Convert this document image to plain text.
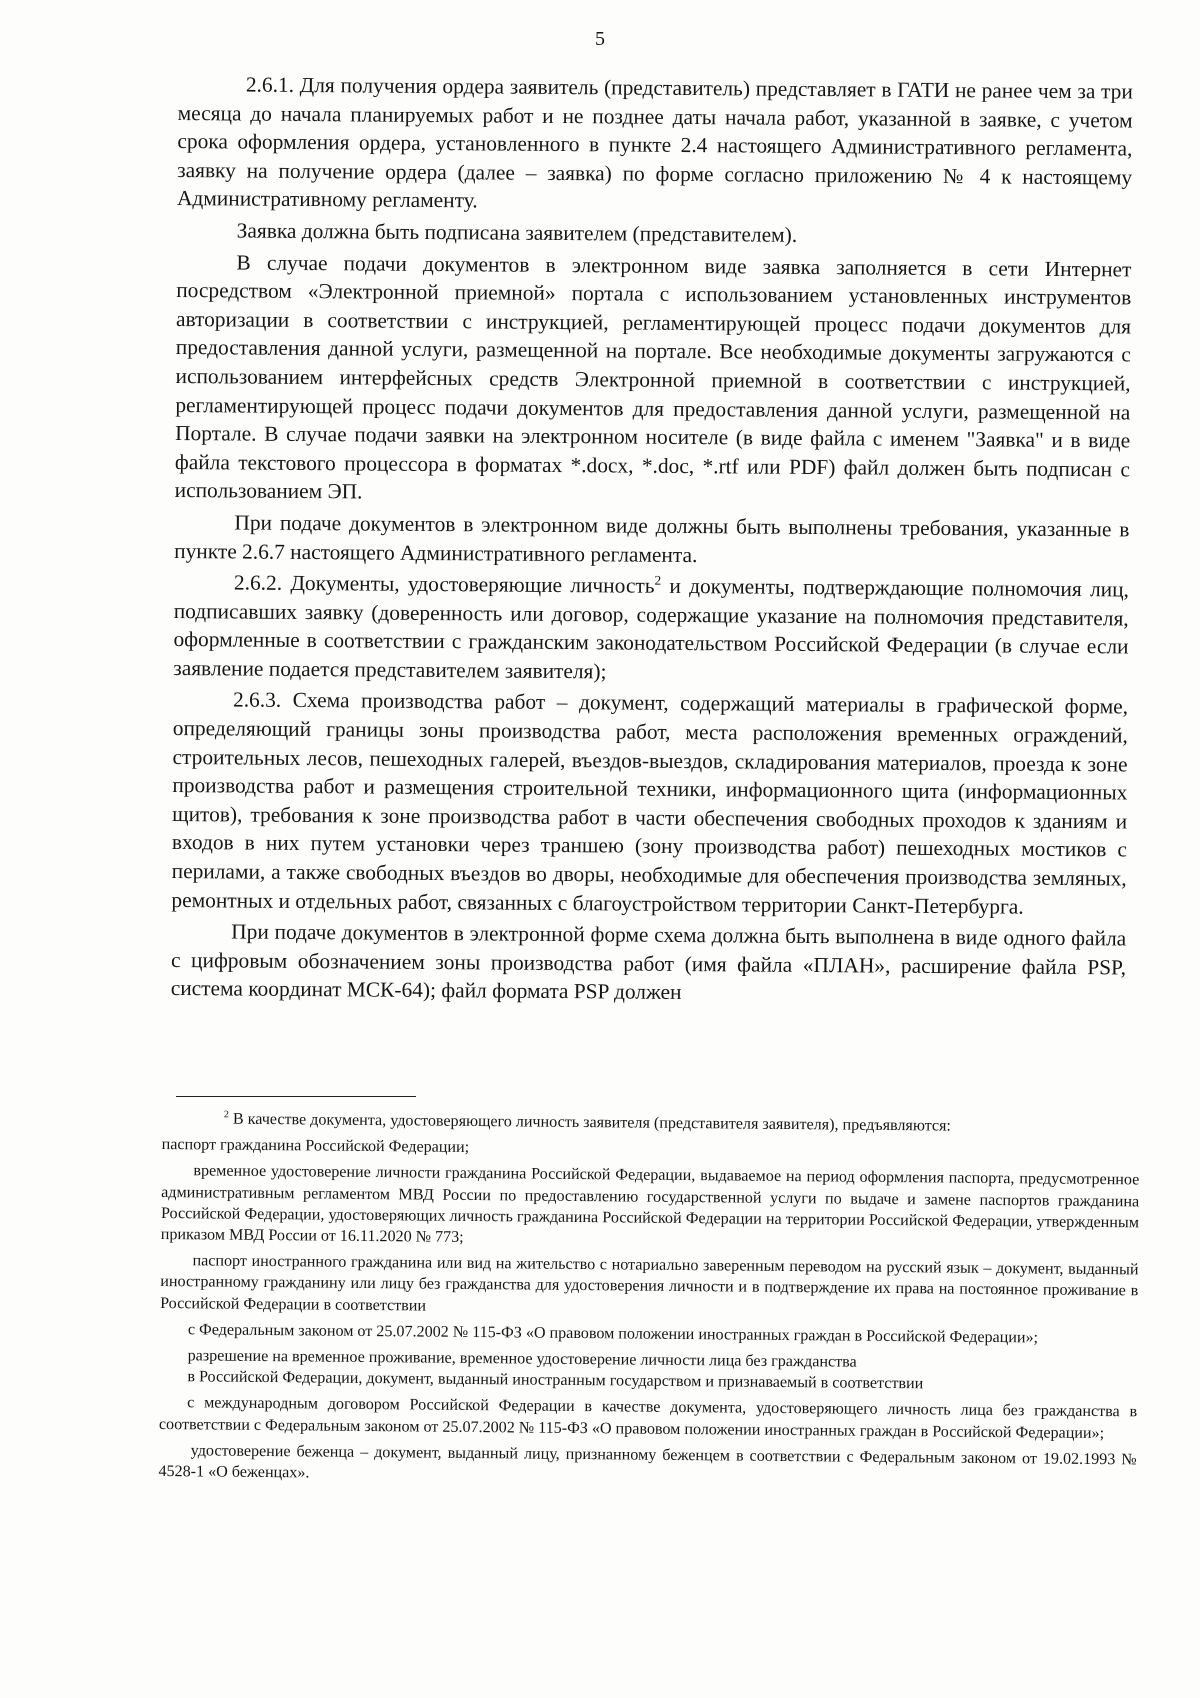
5

2.6.1. Для получения ордера заявитель (представитель) представляет в ГАТИ не ранее чем за три месяца до начала планируемых работ и не позднее даты начала работ, указанной в заявке, с учетом срока оформления ордера, установленного в пункте 2.4 настоящего Административного регламента, заявку на получение ордера (далее – заявка) по форме согласно приложению № 4 к настоящему Административному регламенту.

Заявка должна быть подписана заявителем (представителем).

В случае подачи документов в электронном виде заявка заполняется в сети Интернет посредством «Электронной приемной» портала с использованием установленных инструментов авторизации в соответствии с инструкцией, регламентирующей процесс подачи документов для предоставления данной услуги, размещенной на портале. Все необходимые документы загружаются с использованием интерфейсных средств Электронной приемной в соответствии с инструкцией, регламентирующей процесс подачи документов для предоставления данной услуги, размещенной на Портале. В случае подачи заявки на электронном носителе (в виде файла с именем "Заявка" и в виде файла текстового процессора в форматах *.docx, *.doc, *.rtf или PDF) файл должен быть подписан с использованием ЭП.

При подаче документов в электронном виде должны быть выполнены требования, указанные в пункте 2.6.7 настоящего Административного регламента.

2.6.2. Документы, удостоверяющие личность$^2$ и документы, подтверждающие полномочия лиц, подписавших заявку (доверенность или договор, содержащие указание на полномочия представителя, оформленные в соответствии с гражданским законодательством Российской Федерации (в случае если заявление подается представителем заявителя);

2.6.3. Схема производства работ – документ, содержащий материалы в графической форме, определяющий границы зоны производства работ, места расположения временных ограждений, строительных лесов, пешеходных галерей, въездов-выездов, складирования материалов, проезда к зоне производства работ и размещения строительной техники, информационного щита (информационных щитов), требования к зоне производства работ в части обеспечения свободных проходов к зданиям и входов в них путем установки через траншею (зону производства работ) пешеходных мостиков с перилами, а также свободных въездов во дворы, необходимые для обеспечения производства земляных, ремонтных и отдельных работ, связанных с благоустройством территории Санкт-Петербурга.

При подаче документов в электронной форме схема должна быть выполнена в виде одного файла с цифровым обозначением зоны производства работ (имя файла «ПЛАН», расширение файла PSP, система координат МСК-64); файл формата PSP должен

$^2$ В качестве документа, удостоверяющего личность заявителя (представителя заявителя), предъявляются:

паспорт гражданина Российской Федерации;

временное удостоверение личности гражданина Российской Федерации, выдаваемое на период оформления паспорта, предусмотренное административным регламентом МВД России по предоставлению государственной услуги по выдаче и замене паспортов гражданина Российской Федерации, удостоверяющих личность гражданина Российской Федерации на территории Российской Федерации, утвержденным приказом МВД России от 16.11.2020 № 773;

паспорт иностранного гражданина или вид на жительство с нотариально заверенным переводом на русский язык – документ, выданный иностранному гражданину или лицу без гражданства для удостоверения личности и в подтверждение их права на постоянное проживание в Российской Федерации в соответствии

с Федеральным законом от 25.07.2002 № 115-ФЗ «О правовом положении иностранных граждан в Российской Федерации»;

разрешение на временное проживание, временное удостоверение личности лица без гражданства

в Российской Федерации, документ, выданный иностранным государством и признаваемый в соответствии

с международным договором Российской Федерации в качестве документа, удостоверяющего личность лица без гражданства в соответствии с Федеральным законом от 25.07.2002 № 115-ФЗ «О правовом положении иностранных граждан в Российской Федерации»;

удостоверение беженца – документ, выданный лицу, признанному беженцем в соответствии с Федеральным законом от 19.02.1993 № 4528-1 «О беженцах».
